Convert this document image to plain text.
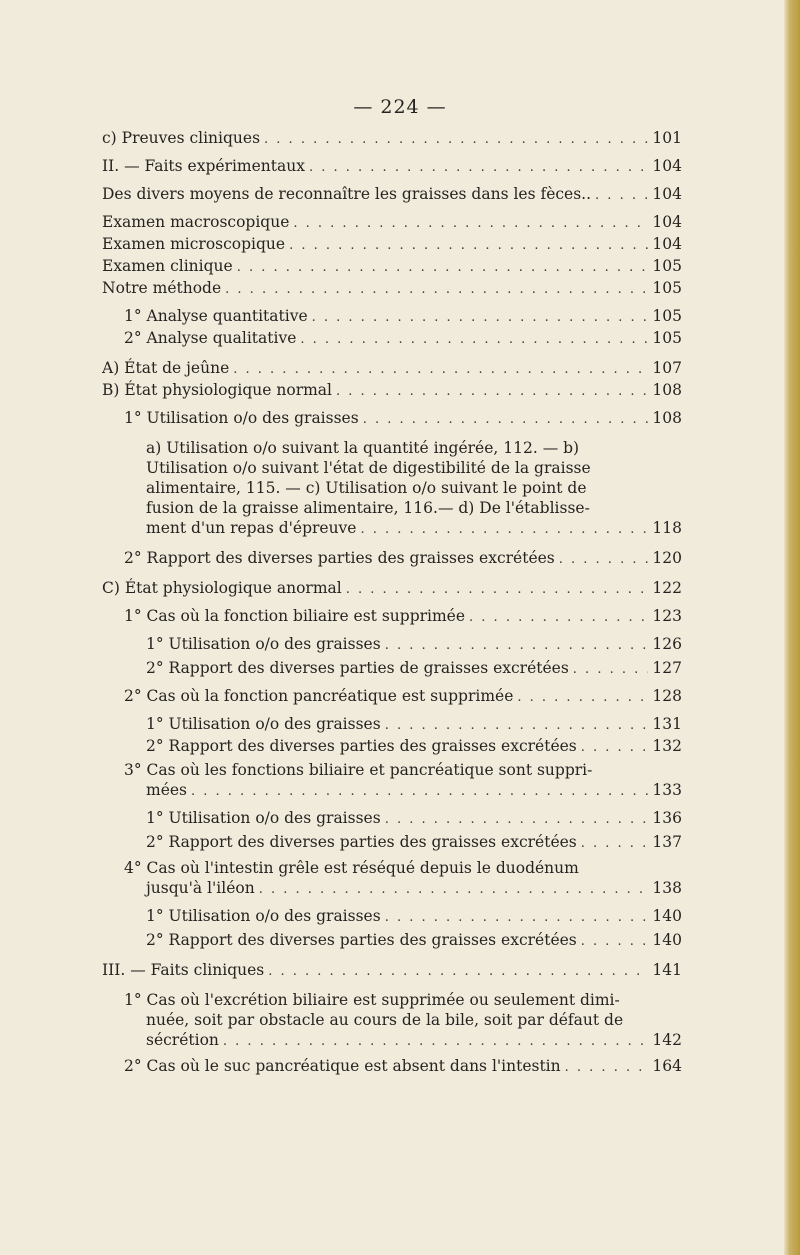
— 224 —
c) Preuves cliniques . . .	101
II. — Faits expérimentaux . . .	104
Des divers moyens de reconnaître les graisses dans les fèces.. . . .	104
Examen macroscopique . . .	104
Examen microscopique . . .	104
Examen clinique . . .	105
Notre méthode . . .	105
1° Analyse quantitative . . .	105
2° Analyse qualitative . . .	105
A) État de jeûne . . .	107
B) État physiologique normal . . .	108
1° Utilisation o/o des graisses . . .	108
a) Utilisation o/o suivant la quantité ingérée, 112. — b)
Utilisation o/o suivant l'état de digestibilité de la graisse
alimentaire, 115. — c) Utilisation o/o suivant le point de
fusion de la graisse alimentaire, 116.— d) De l'établisse-
ment d'un repas d'épreuve . . .	118
2° Rapport des diverses parties des graisses excrétées . . .	120
C) État physiologique anormal . . .	122
1° Cas où la fonction biliaire est supprimée . . .	123
1° Utilisation o/o des graisses . . .	126
2° Rapport des diverses parties de graisses excrétées . . .	127
2° Cas où la fonction pancréatique est supprimée . . .	128
1° Utilisation o/o des graisses . . .	131
2° Rapport des diverses parties des graisses excrétées . . .	132
3° Cas où les fonctions biliaire et pancréatique sont suppri-
mées . . .	133
1° Utilisation o/o des graisses . . .	136
2° Rapport des diverses parties des graisses excrétées . . .	137
4° Cas où l'intestin grêle est réséqué depuis le duodénum
jusqu'à l'iléon . . .	138
1° Utilisation o/o des graisses . . .	140
2° Rapport des diverses parties des graisses excrétées . . .	140
III. — Faits cliniques . . .	141
1° Cas où l'excrétion biliaire est supprimée ou seulement dimi-
nuée, soit par obstacle au cours de la bile, soit par défaut de
sécrétion . . .	142
2° Cas où le suc pancréatique est absent dans l'intestin . . .	164
